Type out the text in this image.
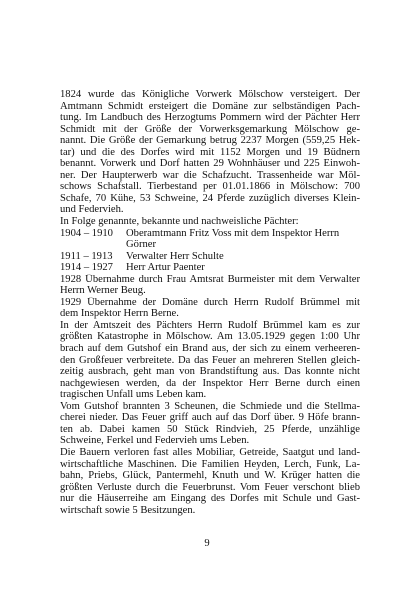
1824 wurde das Königliche Vorwerk Mölschow versteigert. Der
Amtmann Schmidt ersteigert die Domäne zur selbständigen Pach-
tung. Im Landbuch des Herzogtums Pommern wird der Pächter Herr
Schmidt mit der Größe der Vorwerksgemarkung Mölschow ge-
nannt. Die Größe der Gemarkung betrug 2237 Morgen (559,25 Hek-
tar) und die des Dorfes wird mit 1152 Morgen und 19 Büdnern
benannt. Vorwerk und Dorf hatten 29 Wohnhäuser und 225 Einwoh-
ner. Der Haupterwerb war die Schafzucht. Trassenheide war Möl-
schows Schafstall. Tierbestand per 01.01.1866 in Mölschow: 700
Schafe, 70 Kühe, 53 Schweine, 24 Pferde zuzüglich diverses Klein-
und Federvieh.
In Folge genannte, bekannte und nachweisliche Pächter:
1904 – 1910	Oberamtmann Fritz Voss mit dem Inspektor Herrn
Görner
1911 – 1913	Verwalter Herr Schulte
1914 – 1927	Herr Artur Paenter
1928 Übernahme durch Frau Amtsrat Burmeister mit dem Verwalter
Herrn Werner Beug.
1929 Übernahme der Domäne durch Herrn Rudolf Brümmel mit
dem Inspektor Herrn Berne.
In der Amtszeit des Pächters Herrn Rudolf Brümmel kam es zur
größten Katastrophe in Mölschow. Am 13.05.1929 gegen 1:00 Uhr
brach auf dem Gutshof ein Brand aus, der sich zu einem verheeren-
den Großfeuer verbreitete. Da das Feuer an mehreren Stellen gleich-
zeitig ausbrach, geht man von Brandstiftung aus. Das konnte nicht
nachgewiesen werden, da der Inspektor Herr Berne durch einen
tragischen Unfall ums Leben kam.
Vom Gutshof brannten 3 Scheunen, die Schmiede und die Stellma-
cherei nieder. Das Feuer griff auch auf das Dorf über. 9 Höfe brann-
ten ab. Dabei kamen 50 Stück Rindvieh, 25 Pferde, unzählige
Schweine, Ferkel und Federvieh ums Leben.
Die Bauern verloren fast alles Mobiliar, Getreide, Saatgut und land-
wirtschaftliche Maschinen. Die Familien Heyden, Lerch, Funk, La-
bahn, Priebs, Glück, Pantermehl, Knuth und W. Krüger hatten die
größten Verluste durch die Feuerbrunst. Vom Feuer verschont blieb
nur die Häuserreihe am Eingang des Dorfes mit Schule und Gast-
wirtschaft sowie 5 Besitzungen.
9
